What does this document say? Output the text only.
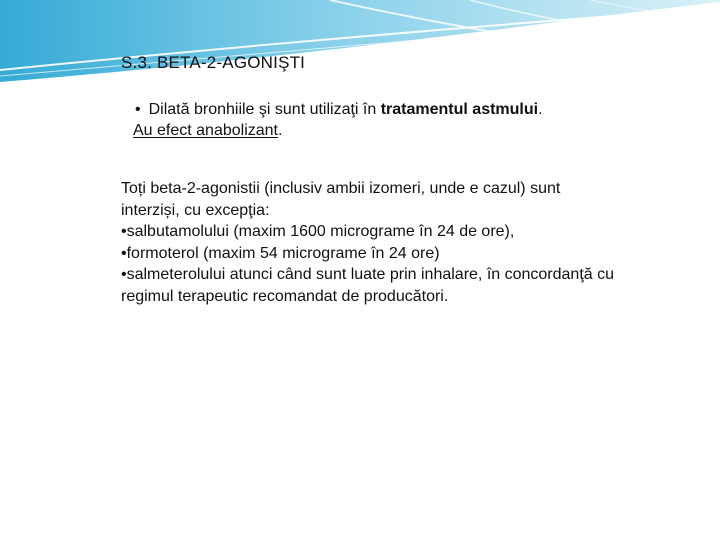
S.3. BETA-2-AGONIŞTI
• Dilată bronhiile şi sunt utilizaţi în tratamentul astmului.
Au efect anabolizant.
Toți beta-2-agonistii (inclusiv ambii izomeri, unde e cazul) sunt
interziși, cu excepţia:
•salbutamolului (maxim 1600 micrograme în 24 de ore),
•formoterol (maxim 54 micrograme în 24 ore)
•salmeterolului atunci când sunt luate prin inhalare, în concordanţă cu
regimul terapeutic recomandat de producători.
